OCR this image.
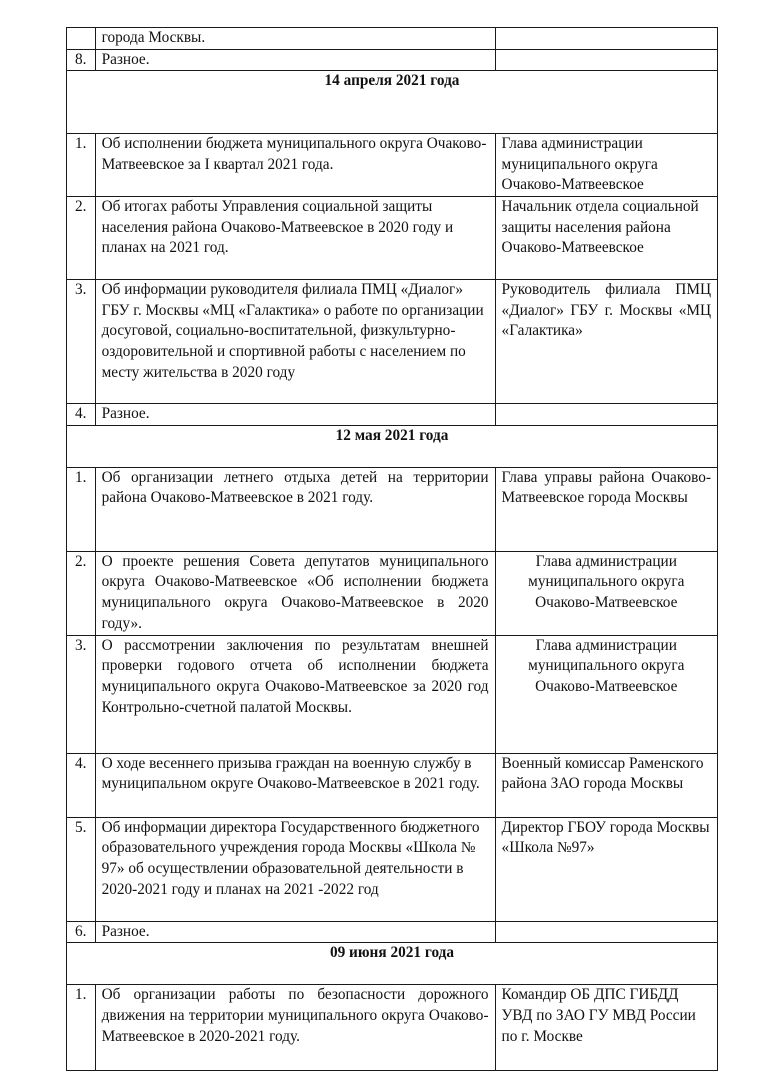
	города Москвы.	
8.	Разное.	
14 апреля 2021 года		
1.	Об исполнении бюджета муниципального округа Очаково-Матвеевское за I квартал 2021 года.	Глава администрации муниципального округа Очаково-Матвеевское
2.	Об итогах работы Управления социальной защиты населения района Очаково-Матвеевское в 2020 году и планах на 2021 год.	Начальник отдела социальной защиты населения района Очаково-Матвеевское
3.	Об информации руководителя филиала ПМЦ «Диалог» ГБУ г. Москвы «МЦ «Галактика» о работе по организации досуговой, социально-воспитательной, физкультурно-оздоровительной и спортивной работы с населением по месту жительства в 2020 году	Руководитель филиала ПМЦ «Диалог» ГБУ г. Москвы «МЦ «Галактика»
4.	Разное.	
12 мая 2021 года		
1.	Об организации летнего отдыха детей на территории района Очаково-Матвеевское в 2021 году.	Глава управы района Очаково-Матвеевское города Москвы
2.	О проекте решения Совета депутатов муниципального округа Очаково-Матвеевское «Об исполнении бюджета муниципального округа Очаково-Матвеевское в 2020 году».	Глава администрации муниципального округа Очаково-Матвеевское
3.	О рассмотрении заключения по результатам внешней проверки годового отчета об исполнении бюджета муниципального округа Очаково-Матвеевское за 2020 год Контрольно-счетной палатой Москвы.	Глава администрации муниципального округа Очаково-Матвеевское
4.	О ходе весеннего призыва граждан на военную службу в муниципальном округе Очаково-Матвеевское в 2021 году.	Военный комиссар Раменского района ЗАО города Москвы
5.	Об информации директора Государственного бюджетного образовательного учреждения города Москвы «Школа № 97» об осуществлении образовательной деятельности в 2020-2021 году и планах на 2021 -2022 год	Директор ГБОУ города Москвы «Школа №97»
6.	Разное.	
09 июня 2021 года		
1.	Об организации работы по безопасности дорожного движения на территории муниципального округа Очаково-Матвеевское в 2020-2021 году.	Командир ОБ ДПС ГИБДД УВД по ЗАО ГУ МВД России по г. Москве
